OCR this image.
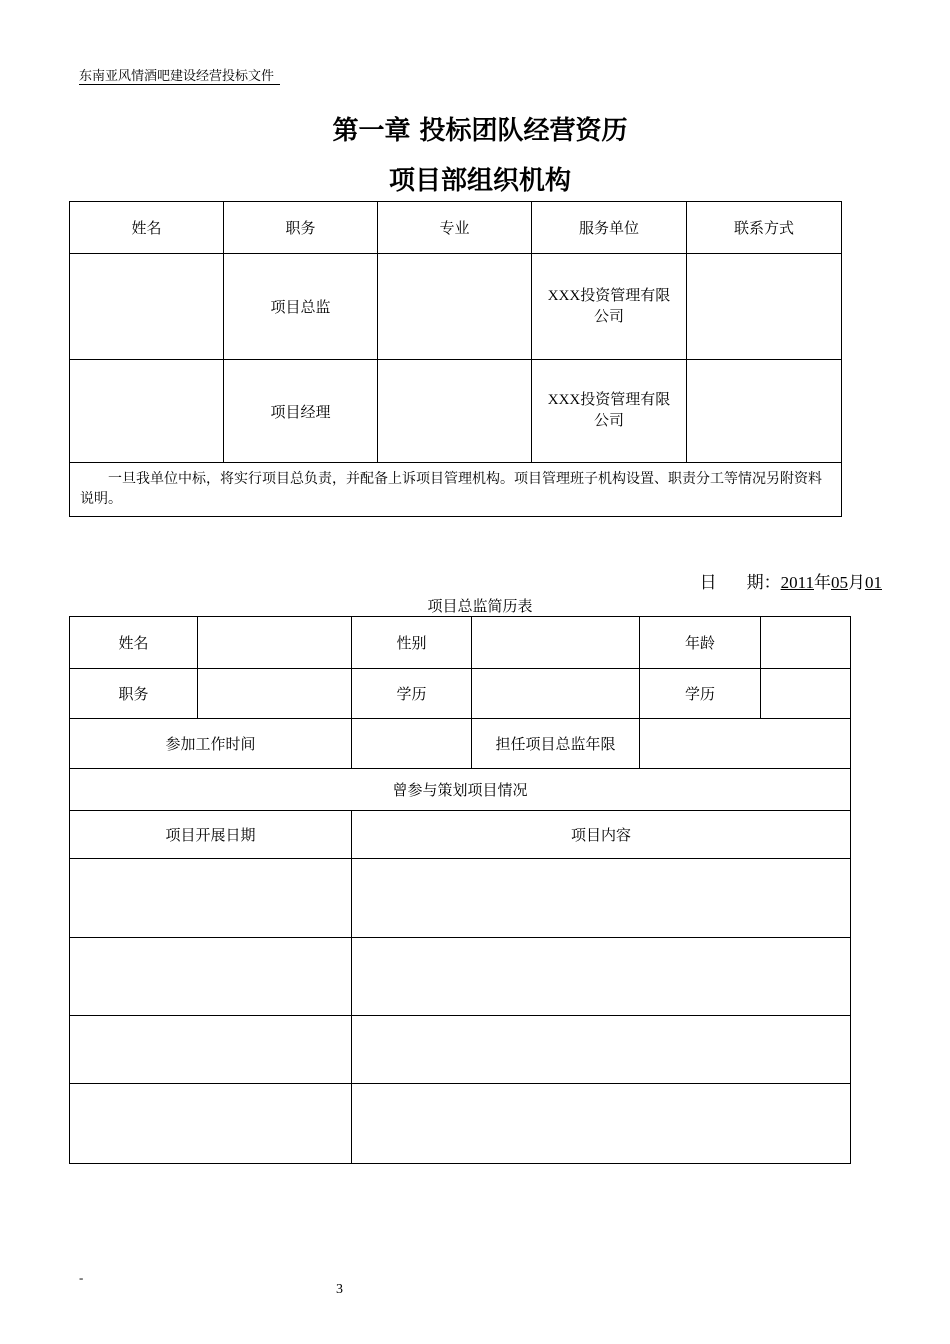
东南亚风情酒吧建设经营投标文件
第一章 投标团队经营资历
项目部组织机构
姓名	职务	专业	服务单位	联系方式
	项目总监		XXX投资管理有限公司	

	项目经理		XXX投资管理有限公司	

一旦我单位中标，将实行项目总负责，并配备上诉项目管理机构。项目管理班子机构设置、职责分工等情况另附资料说明。				
日 期：2011年05月01
项目总监简历表
姓名		性别		年龄	
职务		学历		学历	
参加工作时间			担任项目总监年限		
曾参与策划项目情况					
项目开展日期		项目内容			

-
3
